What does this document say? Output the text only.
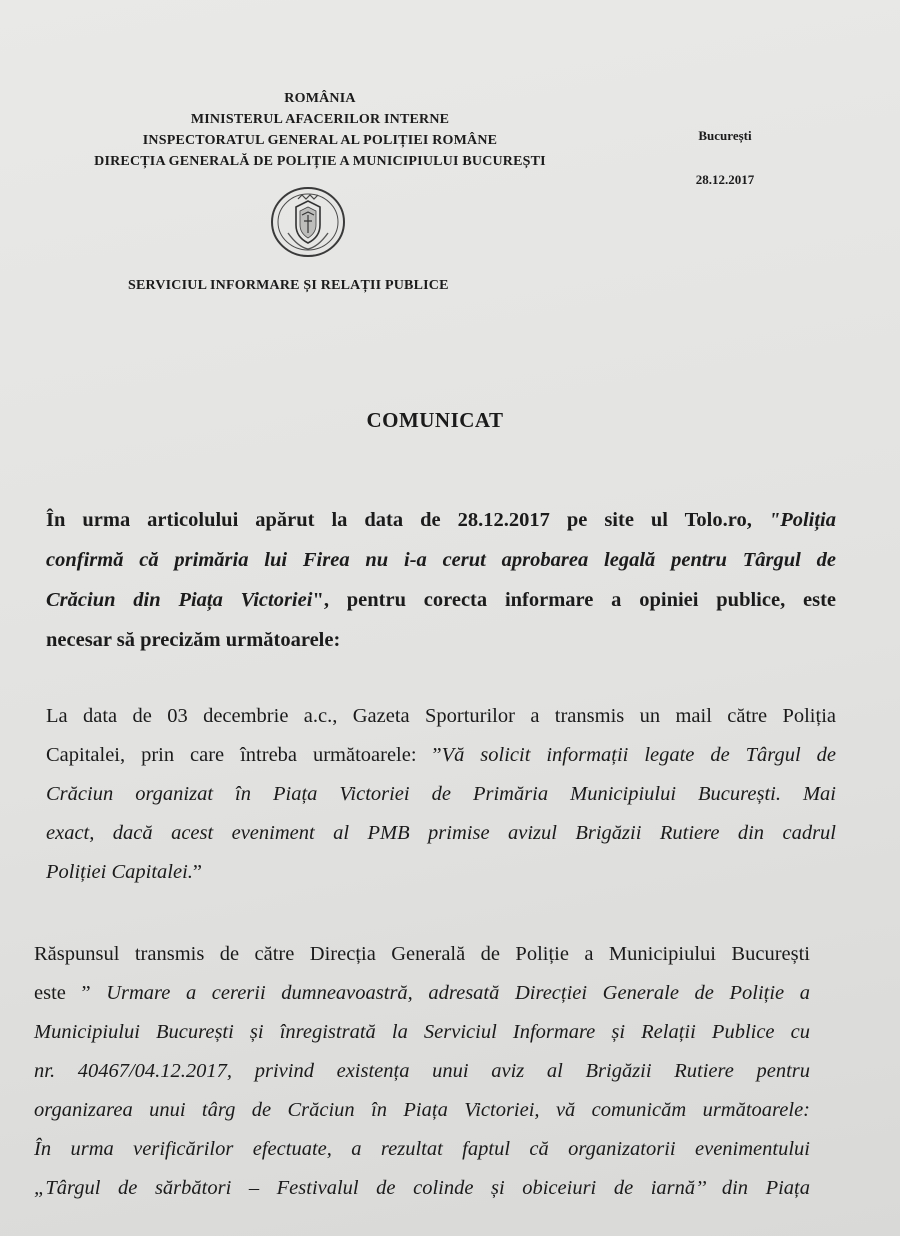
ROMÂNIA
MINISTERUL AFACERILOR INTERNE
INSPECTORATUL GENERAL AL POLIȚIEI ROMÂNE
DIRECȚIA GENERALĂ DE POLIȚIE A MUNICIPIULUI BUCUREȘTI
București
28.12.2017
SERVICIUL INFORMARE ȘI RELAȚII PUBLICE
COMUNICAT
În urma articolului apărut la data de 28.12.2017 pe site ul Tolo.ro, "Poliția
confirmă că primăria lui Firea nu i-a cerut aprobarea legală pentru Târgul de
Crăciun din Piața Victoriei", pentru corecta informare a opiniei publice, este
necesar să precizăm următoarele:
La data de 03 decembrie a.c., Gazeta Sporturilor a transmis un mail către Poliția
Capitalei, prin care întreba următoarele: ”Vă solicit informații legate de Târgul de
Crăciun organizat în Piața Victoriei de Primăria Municipiului București. Mai
exact, dacă acest eveniment al PMB primise avizul Brigăzii Rutiere din cadrul
Poliției Capitalei.”
Răspunsul transmis de către Direcția Generală de Poliție a Municipiului București
este ” Urmare a cererii dumneavoastră, adresată Direcției Generale de Poliție a
Municipiului București și înregistrată la Serviciul Informare și Relații Publice cu
nr. 40467/04.12.2017, privind existența unui aviz al Brigăzii Rutiere pentru
organizarea unui târg de Crăciun în Piața Victoriei, vă comunicăm următoarele:
În urma verificărilor efectuate, a rezultat faptul că organizatorii evenimentului
„Târgul de sărbători – Festivalul de colinde și obiceiuri de iarnă’’ din Piața
